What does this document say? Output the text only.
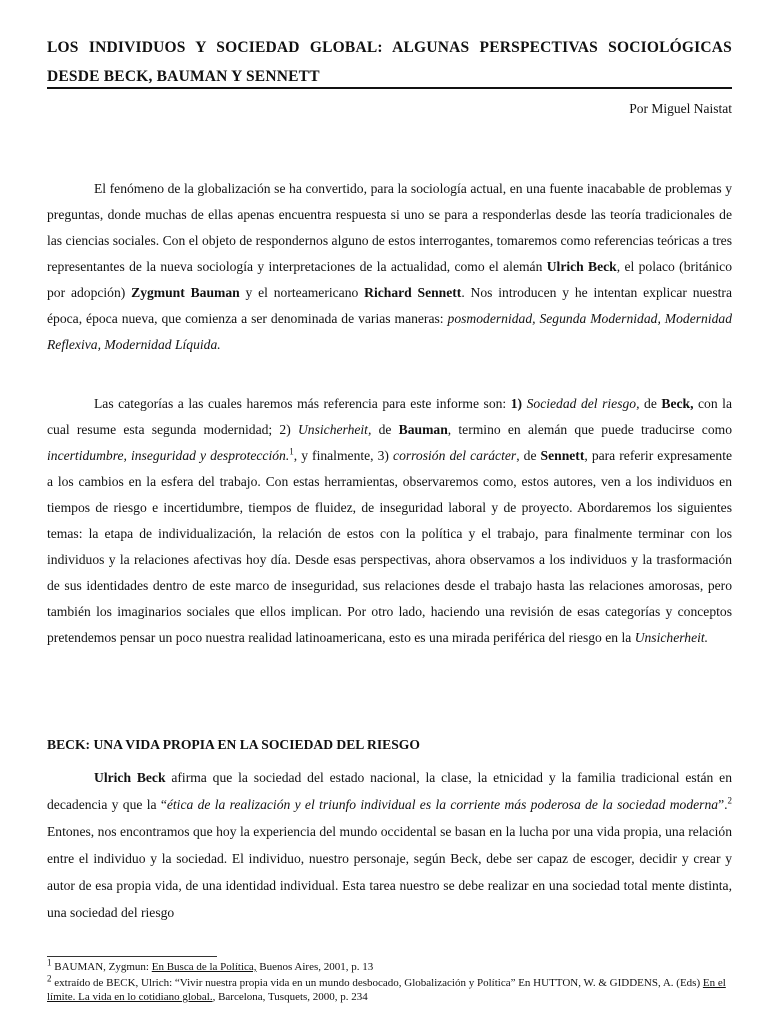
LOS INDIVIDUOS Y SOCIEDAD GLOBAL: ALGUNAS PERSPECTIVAS SOCIOLÓGICAS DESDE BECK, BAUMAN Y SENNETT
Por Miguel Naistat

El fenómeno de la globalización se ha convertido, para la sociología actual, en una fuente inacabable de problemas y preguntas, donde muchas de ellas apenas encuentra respuesta si uno se para a responderlas desde las teoría tradicionales de las ciencias sociales. Con el objeto de respondernos alguno de estos interrogantes, tomaremos como referencias teóricas a tres representantes de la nueva sociología y interpretaciones de la actualidad, como el alemán Ulrich Beck, el polaco (británico por adopción) Zygmunt Bauman y el norteamericano Richard Sennett. Nos introducen y he intentan explicar nuestra época, época nueva, que comienza a ser denominada de varias maneras: posmodernidad, Segunda Modernidad, Modernidad Reflexiva, Modernidad Líquida.

Las categorías a las cuales haremos más referencia para este informe son: 1) Sociedad del riesgo, de Beck, con la cual resume esta segunda modernidad; 2) Unsicherheit, de Bauman, termino en alemán que puede traducirse como incertidumbre, inseguridad y desprotección.$^1$, y finalmente, 3) corrosión del carácter, de Sennett, para referir expresamente a los cambios en la esfera del trabajo. Con estas herramientas, observaremos como, estos autores, ven a los individuos en tiempos de riesgo e incertidumbre, tiempos de fluidez, de inseguridad laboral y de proyecto. Abordaremos los siguientes temas: la etapa de individualización, la relación de estos con la política y el trabajo, para finalmente terminar con los individuos y la relaciones afectivas hoy día. Desde esas perspectivas, ahora observamos a los individuos y la trasformación de sus identidades dentro de este marco de inseguridad, sus relaciones desde el trabajo hasta las relaciones amorosas, pero también los imaginarios sociales que ellos implican. Por otro lado, haciendo una revisión de esas categorías y conceptos pretendemos pensar un poco nuestra realidad latinoamericana, esto es una mirada periférica del riesgo en la Unsicherheit.

BECK: UNA VIDA PROPIA EN LA SOCIEDAD DEL RIESGO

Ulrich Beck afirma que la sociedad del estado nacional, la clase, la etnicidad y la familia tradicional están en decadencia y que la “ética de la realización y el triunfo individual es la corriente más poderosa de la sociedad moderna”.$^2$ Entones, nos encontramos que hoy la experiencia del mundo occidental se basan en la lucha por una vida propia, una relación entre el individuo y la sociedad. El individuo, nuestro personaje, según Beck, debe ser capaz de escoger, decidir y crear y autor de esa propia vida, de una identidad individual. Esta tarea nuestro se debe realizar en una sociedad total mente distinta, una sociedad del riesgo

$^1$ BAUMAN, Zygmun: En Busca de la Política, Buenos Aires, 2001, p. 13
$^2$ extraído de BECK, Ulrich: “Vivir nuestra propia vida en un mundo desbocado, Globalización y Política” En HUTTON, W. & GIDDENS, A. (Eds) En el límite. La vida en lo cotidiano global., Barcelona, Tusquets, 2000, p. 234
